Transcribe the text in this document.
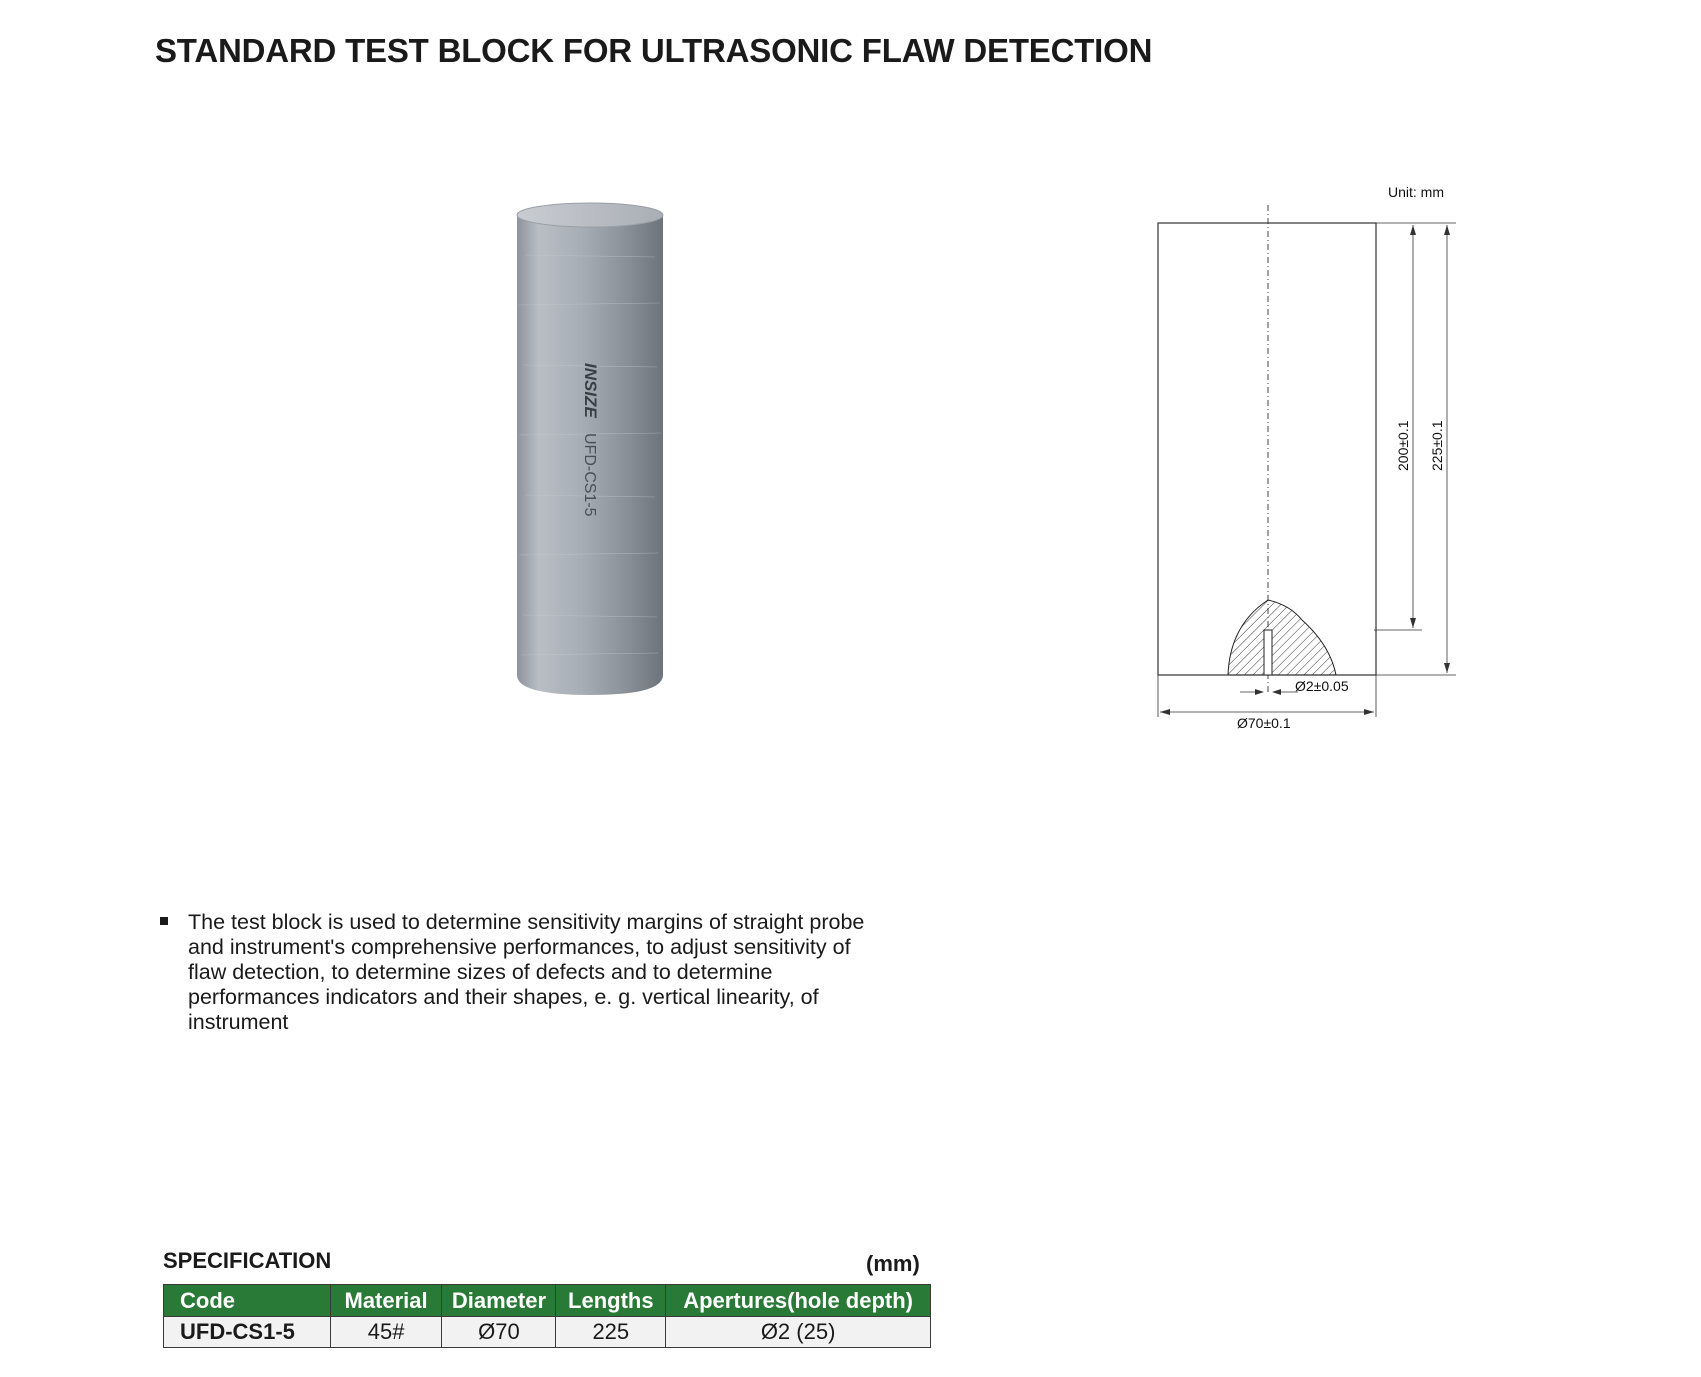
STANDARD TEST BLOCK FOR ULTRASONIC FLAW DETECTION
INSIZE
UFD-CS1-5
Unit: mm
200±0.1 225±0.1
Ø2±0.05
Ø70±0.1
The test block is used to determine sensitivity margins of straight probe and instrument's comprehensive performances, to adjust sensitivity of flaw detection, to determine sizes of defects and to determine performances indicators and their shapes, e. g. vertical linearity, of instrument
SPECIFICATION	(mm)
Code	Material	Diameter	Lengths	Apertures(hole depth)
UFD-CS1-5	45#	Ø70	225	Ø2 (25)
